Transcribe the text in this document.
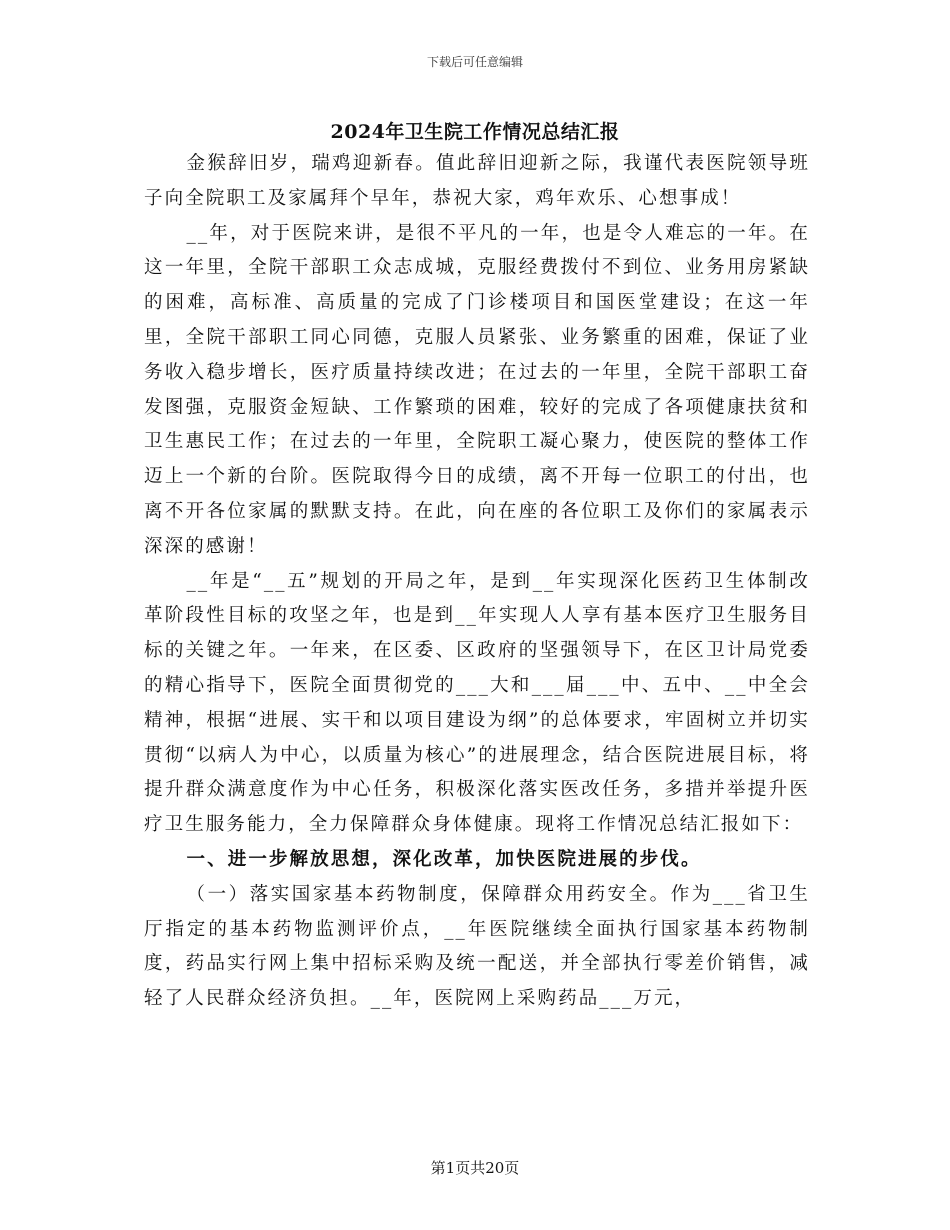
下载后可任意编辑
2024年卫生院工作情况总结汇报

金猴辞旧岁，瑞鸡迎新春。值此辞旧迎新之际，我谨代表医院领导班子向全院职工及家属拜个早年，恭祝大家，鸡年欢乐、心想事成！

__年，对于医院来讲，是很不平凡的一年，也是令人难忘的一年。在这一年里，全院干部职工众志成城，克服经费拨付不到位、业务用房紧缺的困难，高标准、高质量的完成了门诊楼项目和国医堂建设；在这一年里，全院干部职工同心同德，克服人员紧张、业务繁重的困难，保证了业务收入稳步增长，医疗质量持续改进；在过去的一年里，全院干部职工奋发图强，克服资金短缺、工作繁琐的困难，较好的完成了各项健康扶贫和卫生惠民工作；在过去的一年里，全院职工凝心聚力，使医院的整体工作迈上一个新的台阶。医院取得今日的成绩，离不开每一位职工的付出，也离不开各位家属的默默支持。在此，向在座的各位职工及你们的家属表示深深的感谢！

__年是“__五”规划的开局之年，是到__年实现深化医药卫生体制改革阶段性目标的攻坚之年，也是到__年实现人人享有基本医疗卫生服务目标的关键之年。一年来，在区委、区政府的坚强领导下，在区卫计局党委的精心指导下，医院全面贯彻党的___大和___届___中、五中、__中全会精神，根据“进展、实干和以项目建设为纲”的总体要求，牢固树立并切实贯彻“以病人为中心，以质量为核心”的进展理念，结合医院进展目标，将提升群众满意度作为中心任务，积极深化落实医改任务，多措并举提升医疗卫生服务能力，全力保障群众身体健康。现将工作情况总结汇报如下：

一、进一步解放思想，深化改革，加快医院进展的步伐。

（一）落实国家基本药物制度，保障群众用药安全。作为___省卫生厅指定的基本药物监测评价点，__年医院继续全面执行国家基本药物制度，药品实行网上集中招标采购及统一配送，并全部执行零差价销售，减轻了人民群众经济负担。__年，医院网上采购药品___万元，

第1页共20页
